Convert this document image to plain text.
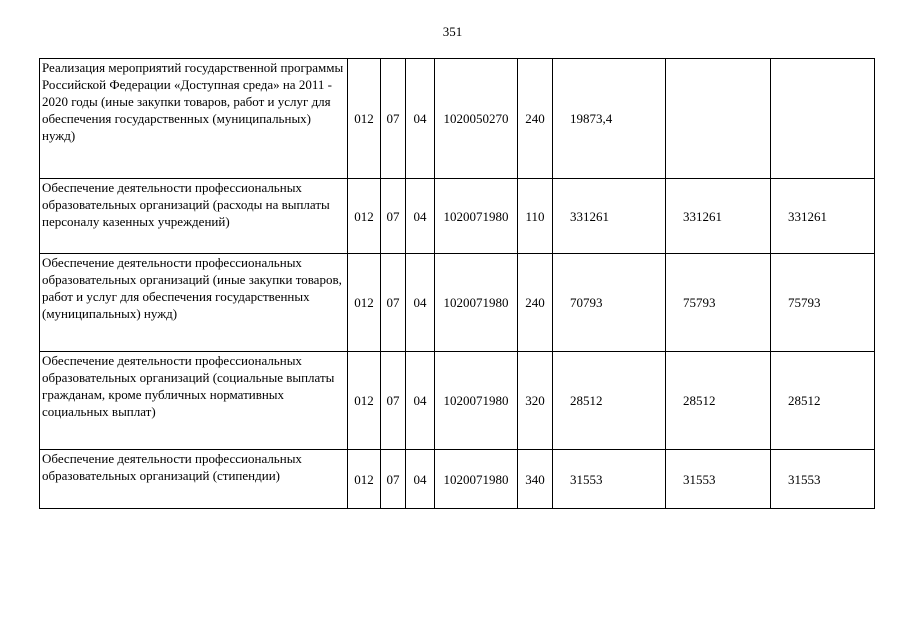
351
Реализация мероприятий государственной программы Российской Федерации «Доступная среда» на 2011 - 2020 годы (иные закупки товаров, работ и услуг для обеспечения государственных (муниципальных) нужд)	012	07	04	1020050270	240	19873,4		
Обеспечение деятельности профессиональных образовательных организаций (расходы на выплаты персоналу казенных учреждений)	012	07	04	1020071980	110	331261	331261	331261
Обеспечение деятельности профессиональных образовательных организаций (иные закупки товаров, работ и услуг для обеспечения государственных (муниципальных) нужд)	012	07	04	1020071980	240	70793	75793	75793
Обеспечение деятельности профессиональных образовательных организаций (социальные выплаты гражданам, кроме публичных нормативных социальных выплат)	012	07	04	1020071980	320	28512	28512	28512
Обеспечение деятельности профессиональных образовательных организаций (стипендии)	012	07	04	1020071980	340	31553	31553	31553
